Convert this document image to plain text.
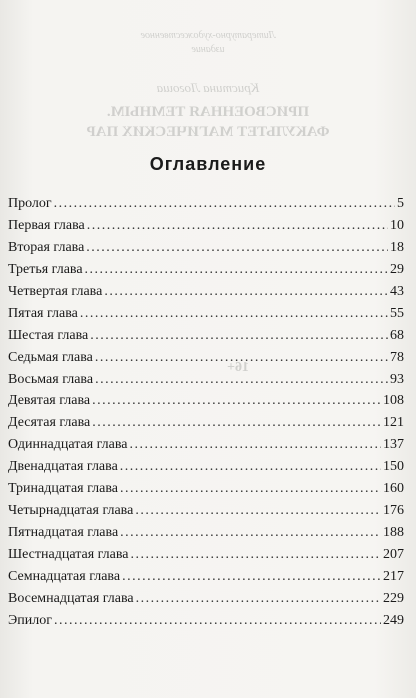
Литературно-художественное
издание
Кристина Логоша
ПРИСВОЕННАЯ ТЕМНЫМ.
ФАКУЛЬТЕТ МАГИЧЕСКИХ ПАР
16+
Оглавление
Пролог . . .	5
Первая глава . . .	10
Вторая глава . . .	18
Третья глава . . .	29
Четвертая глава . . .	43
Пятая глава . . .	55
Шестая глава . . .	68
Седьмая глава . . .	78
Восьмая глава . . .	93
Девятая глава . . .	108
Десятая глава . . .	121
Одиннадцатая глава . . .	137
Двенадцатая глава . . .	150
Тринадцатая глава . . .	160
Четырнадцатая глава . . .	176
Пятнадцатая глава . . .	188
Шестнадцатая глава . . .	207
Семнадцатая глава . . .	217
Восемнадцатая глава . . .	229
Эпилог . . .	249
